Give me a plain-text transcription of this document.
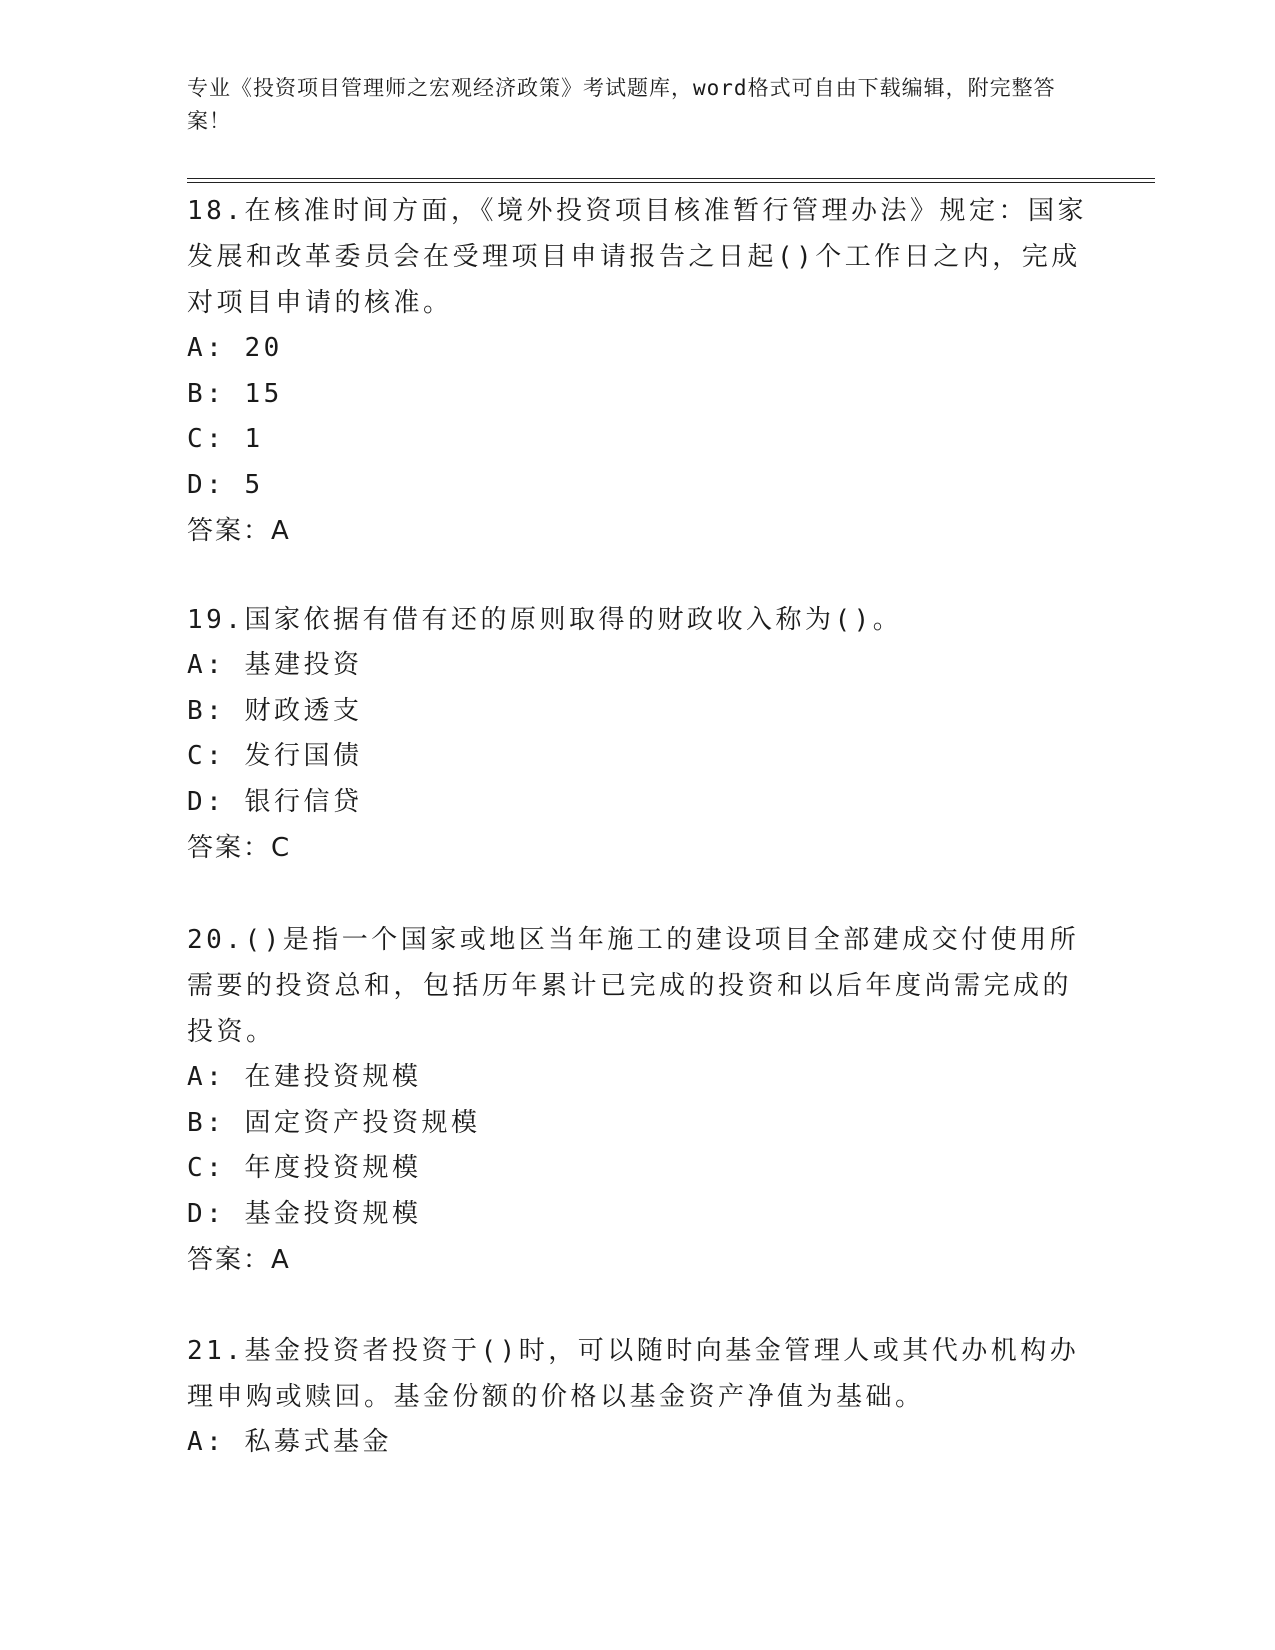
专业《投资项目管理师之宏观经济政策》考试题库，word格式可自由下载编辑，附完整答案！
18.在核准时间方面，《境外投资项目核准暂行管理办法》规定：国家发展和改革委员会在受理项目申请报告之日起()个工作日之内，完成对项目申请的核准。
A: 20
B: 15
C: 1
D: 5
答案：A
19.国家依据有借有还的原则取得的财政收入称为()。
A: 基建投资
B: 财政透支
C: 发行国债
D: 银行信贷
答案：C
20.()是指一个国家或地区当年施工的建设项目全部建成交付使用所需要的投资总和，包括历年累计已完成的投资和以后年度尚需完成的投资。
A: 在建投资规模
B: 固定资产投资规模
C: 年度投资规模
D: 基金投资规模
答案：A
21.基金投资者投资于()时，可以随时向基金管理人或其代办机构办理申购或赎回。基金份额的价格以基金资产净值为基础。
A: 私募式基金
